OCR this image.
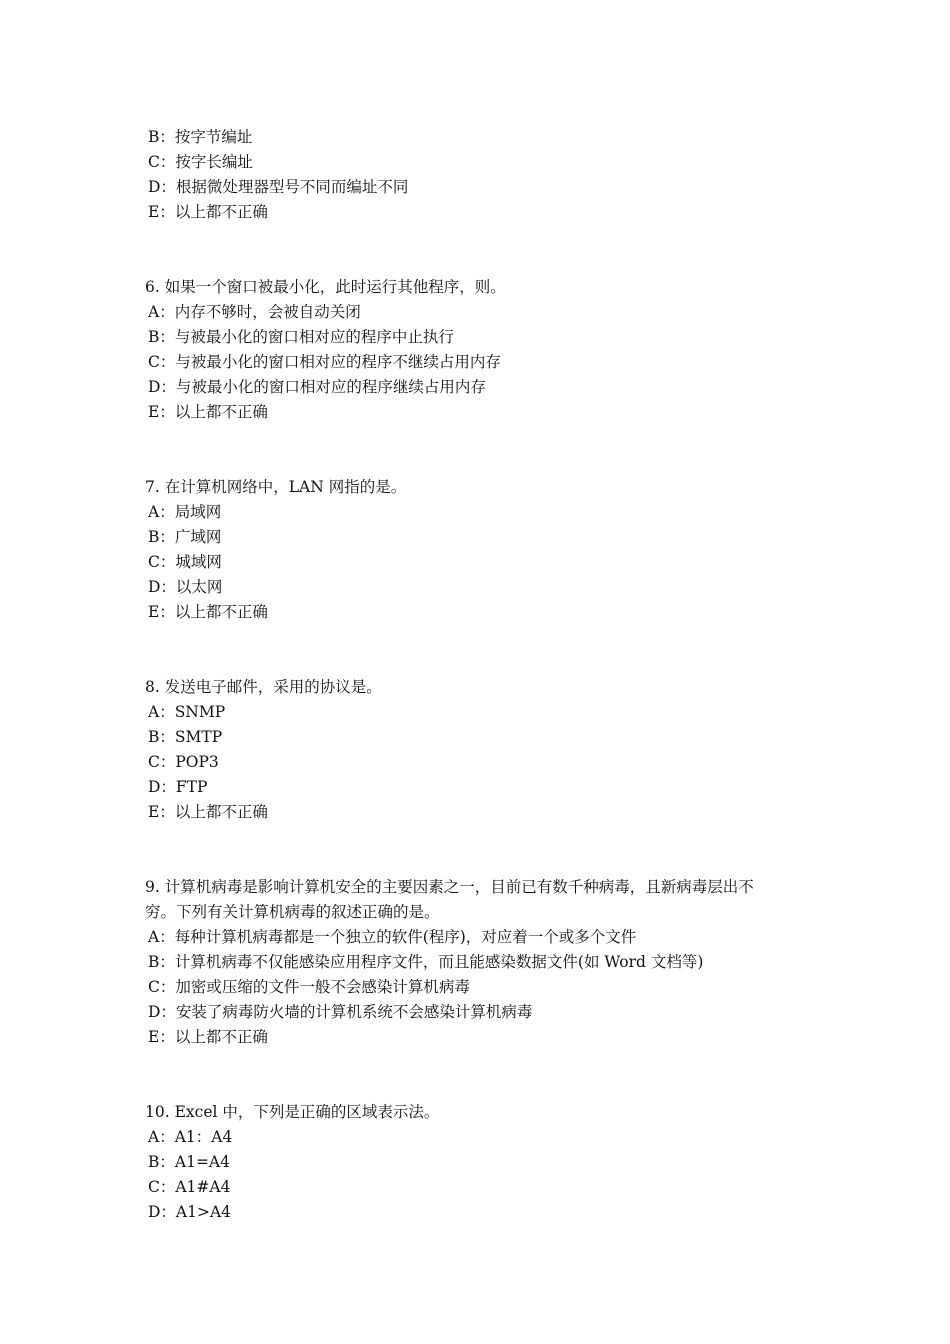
B：按字节编址
C：按字长编址
D：根据微处理器型号不同而编址不同
E：以上都不正确
6. 如果一个窗口被最小化，此时运行其他程序，则。
A：内存不够时，会被自动关闭
B：与被最小化的窗口相对应的程序中止执行
C：与被最小化的窗口相对应的程序不继续占用内存
D：与被最小化的窗口相对应的程序继续占用内存
E：以上都不正确
7. 在计算机网络中，LAN 网指的是。
A：局域网
B：广域网
C：城域网
D：以太网
E：以上都不正确
8. 发送电子邮件，采用的协议是。
A：SNMP
B：SMTP
C：POP3
D：FTP
E：以上都不正确
9. 计算机病毒是影响计算机安全的主要因素之一，目前已有数千种病毒，且新病毒层出不
穷。下列有关计算机病毒的叙述正确的是。
A：每种计算机病毒都是一个独立的软件(程序)，对应着一个或多个文件
B：计算机病毒不仅能感染应用程序文件，而且能感染数据文件(如 Word 文档等)
C：加密或压缩的文件一般不会感染计算机病毒
D：安装了病毒防火墙的计算机系统不会感染计算机病毒
E：以上都不正确
10. Excel 中，下列是正确的区域表示法。
A：A1：A4
B：A1=A4
C：A1#A4
D：A1>A4
